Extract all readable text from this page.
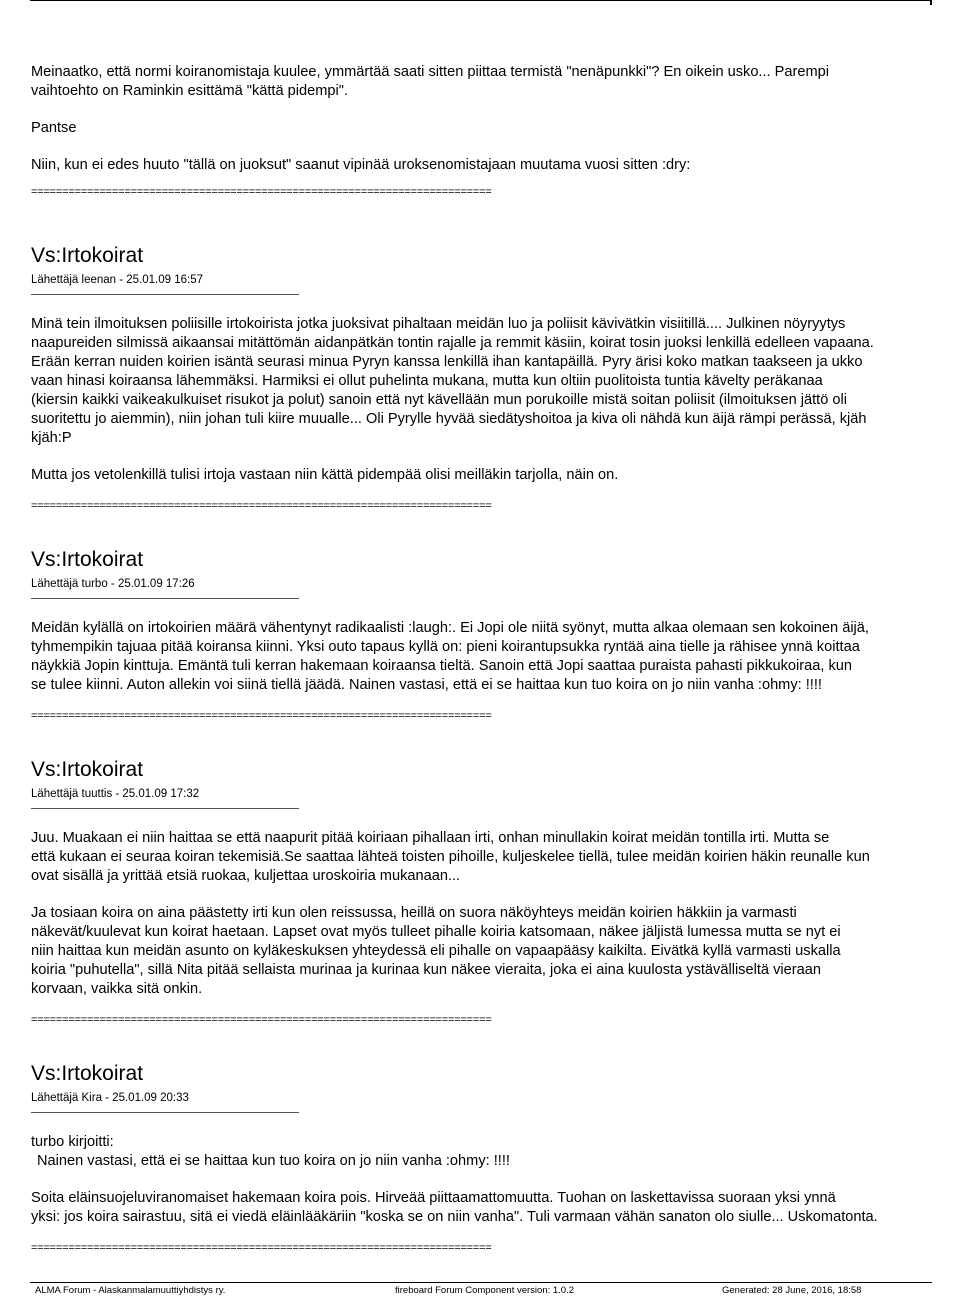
Meinaatko, että normi koiranomistaja kuulee, ymmärtää saati sitten piittaa termistä "nenäpunkki"? En oikein usko... Parempi

vaihtoehto on Raminkin esittämä "kättä pidempi".

Pantse

Niin, kun ei edes huuto "tällä on juoksut" saanut vipinää uroksenomistajaan muutama vuosi sitten :dry:

==========================================================================

Vs:Irtokoirat

Lähettäjä leenan - 25.01.09 16:57

Minä tein ilmoituksen poliisille irtokoirista jotka juoksivat pihaltaan meidän luo ja poliisit kävivätkin visiitillä.... Julkinen nöyryytys

naapureiden silmissä aikaansai mitättömän aidanpätkän tontin rajalle ja remmit käsiin, koirat tosin juoksi lenkillä edelleen vapaana.

Erään kerran nuiden koirien isäntä seurasi minua Pyryn kanssa lenkillä ihan kantapäillä. Pyry ärisi koko matkan taakseen ja ukko

vaan hinasi koiraansa lähemmäksi. Harmiksi ei ollut puhelinta mukana, mutta kun oltiin puolitoista tuntia kävelty peräkanaa

(kiersin kaikki vaikeakulkuiset risukot ja polut) sanoin että nyt kävellään mun porukoille mistä soitan poliisit (ilmoituksen jättö oli

suoritettu jo aiemmin), niin johan tuli kiire muualle... Oli Pyrylle hyvää siedätyshoitoa ja kiva oli nähdä kun äijä rämpi perässä, kjäh

kjäh:P

Mutta jos vetolenkillä tulisi irtoja vastaan niin kättä pidempää olisi meilläkin tarjolla, näin on.

==========================================================================

Vs:Irtokoirat

Lähettäjä turbo - 25.01.09 17:26

Meidän kylällä on irtokoirien määrä vähentynyt radikaalisti :laugh:. Ei Jopi ole niitä syönyt, mutta alkaa olemaan sen kokoinen äijä,

tyhmempikin tajuaa pitää koiransa kiinni. Yksi outo tapaus kyllä on: pieni koirantupsukka ryntää aina tielle ja rähisee ynnä koittaa

näykkiä Jopin kinttuja. Emäntä tuli kerran hakemaan koiraansa tieltä. Sanoin että Jopi saattaa puraista pahasti pikkukoiraa, kun

se tulee kiinni. Auton allekin voi siinä tiellä jäädä. Nainen vastasi, että ei se haittaa kun tuo koira on jo niin vanha :ohmy: !!!!

==========================================================================

Vs:Irtokoirat

Lähettäjä tuuttis - 25.01.09 17:32

Juu. Muakaan ei niin haittaa se että naapurit pitää koiriaan pihallaan irti, onhan minullakin koirat meidän tontilla irti. Mutta se

että kukaan ei seuraa koiran tekemisiä.Se saattaa lähteä toisten pihoille, kuljeskelee tiellä, tulee meidän koirien häkin reunalle kun

ovat sisällä ja yrittää etsiä ruokaa, kuljettaa uroskoiria mukanaan...

Ja tosiaan koira on aina päästetty irti kun olen reissussa, heillä on suora näköyhteys meidän koirien häkkiin ja varmasti

näkevät/kuulevat kun koirat haetaan. Lapset ovat myös tulleet pihalle koiria katsomaan, näkee jäljistä lumessa mutta se nyt ei

niin haittaa kun meidän asunto on kyläkeskuksen yhteydessä eli pihalle on vapaapääsy kaikilta. Eivätkä kyllä varmasti uskalla

koiria "puhutella", sillä Nita pitää sellaista murinaa ja kurinaa kun näkee vieraita, joka ei aina kuulosta ystävälliseltä vieraan

korvaan, vaikka sitä onkin.

==========================================================================

Vs:Irtokoirat

Lähettäjä Kira - 25.01.09 20:33

turbo kirjoitti:

Nainen vastasi, että ei se haittaa kun tuo koira on jo niin vanha :ohmy: !!!!

Soita eläinsuojeluviranomaiset hakemaan koira pois. Hirveää piittaamattomuutta. Tuohan on laskettavissa suoraan yksi ynnä

yksi: jos koira sairastuu, sitä ei viedä eläinlääkäriin "koska se on niin vanha". Tuli varmaan vähän sanaton olo siulle... Uskomatonta.

==========================================================================

ALMA Forum - Alaskanmalamuuttiyhdistys ry.	fireboard Forum Component version: 1.0.2	Generated: 28 June, 2016, 18:58
